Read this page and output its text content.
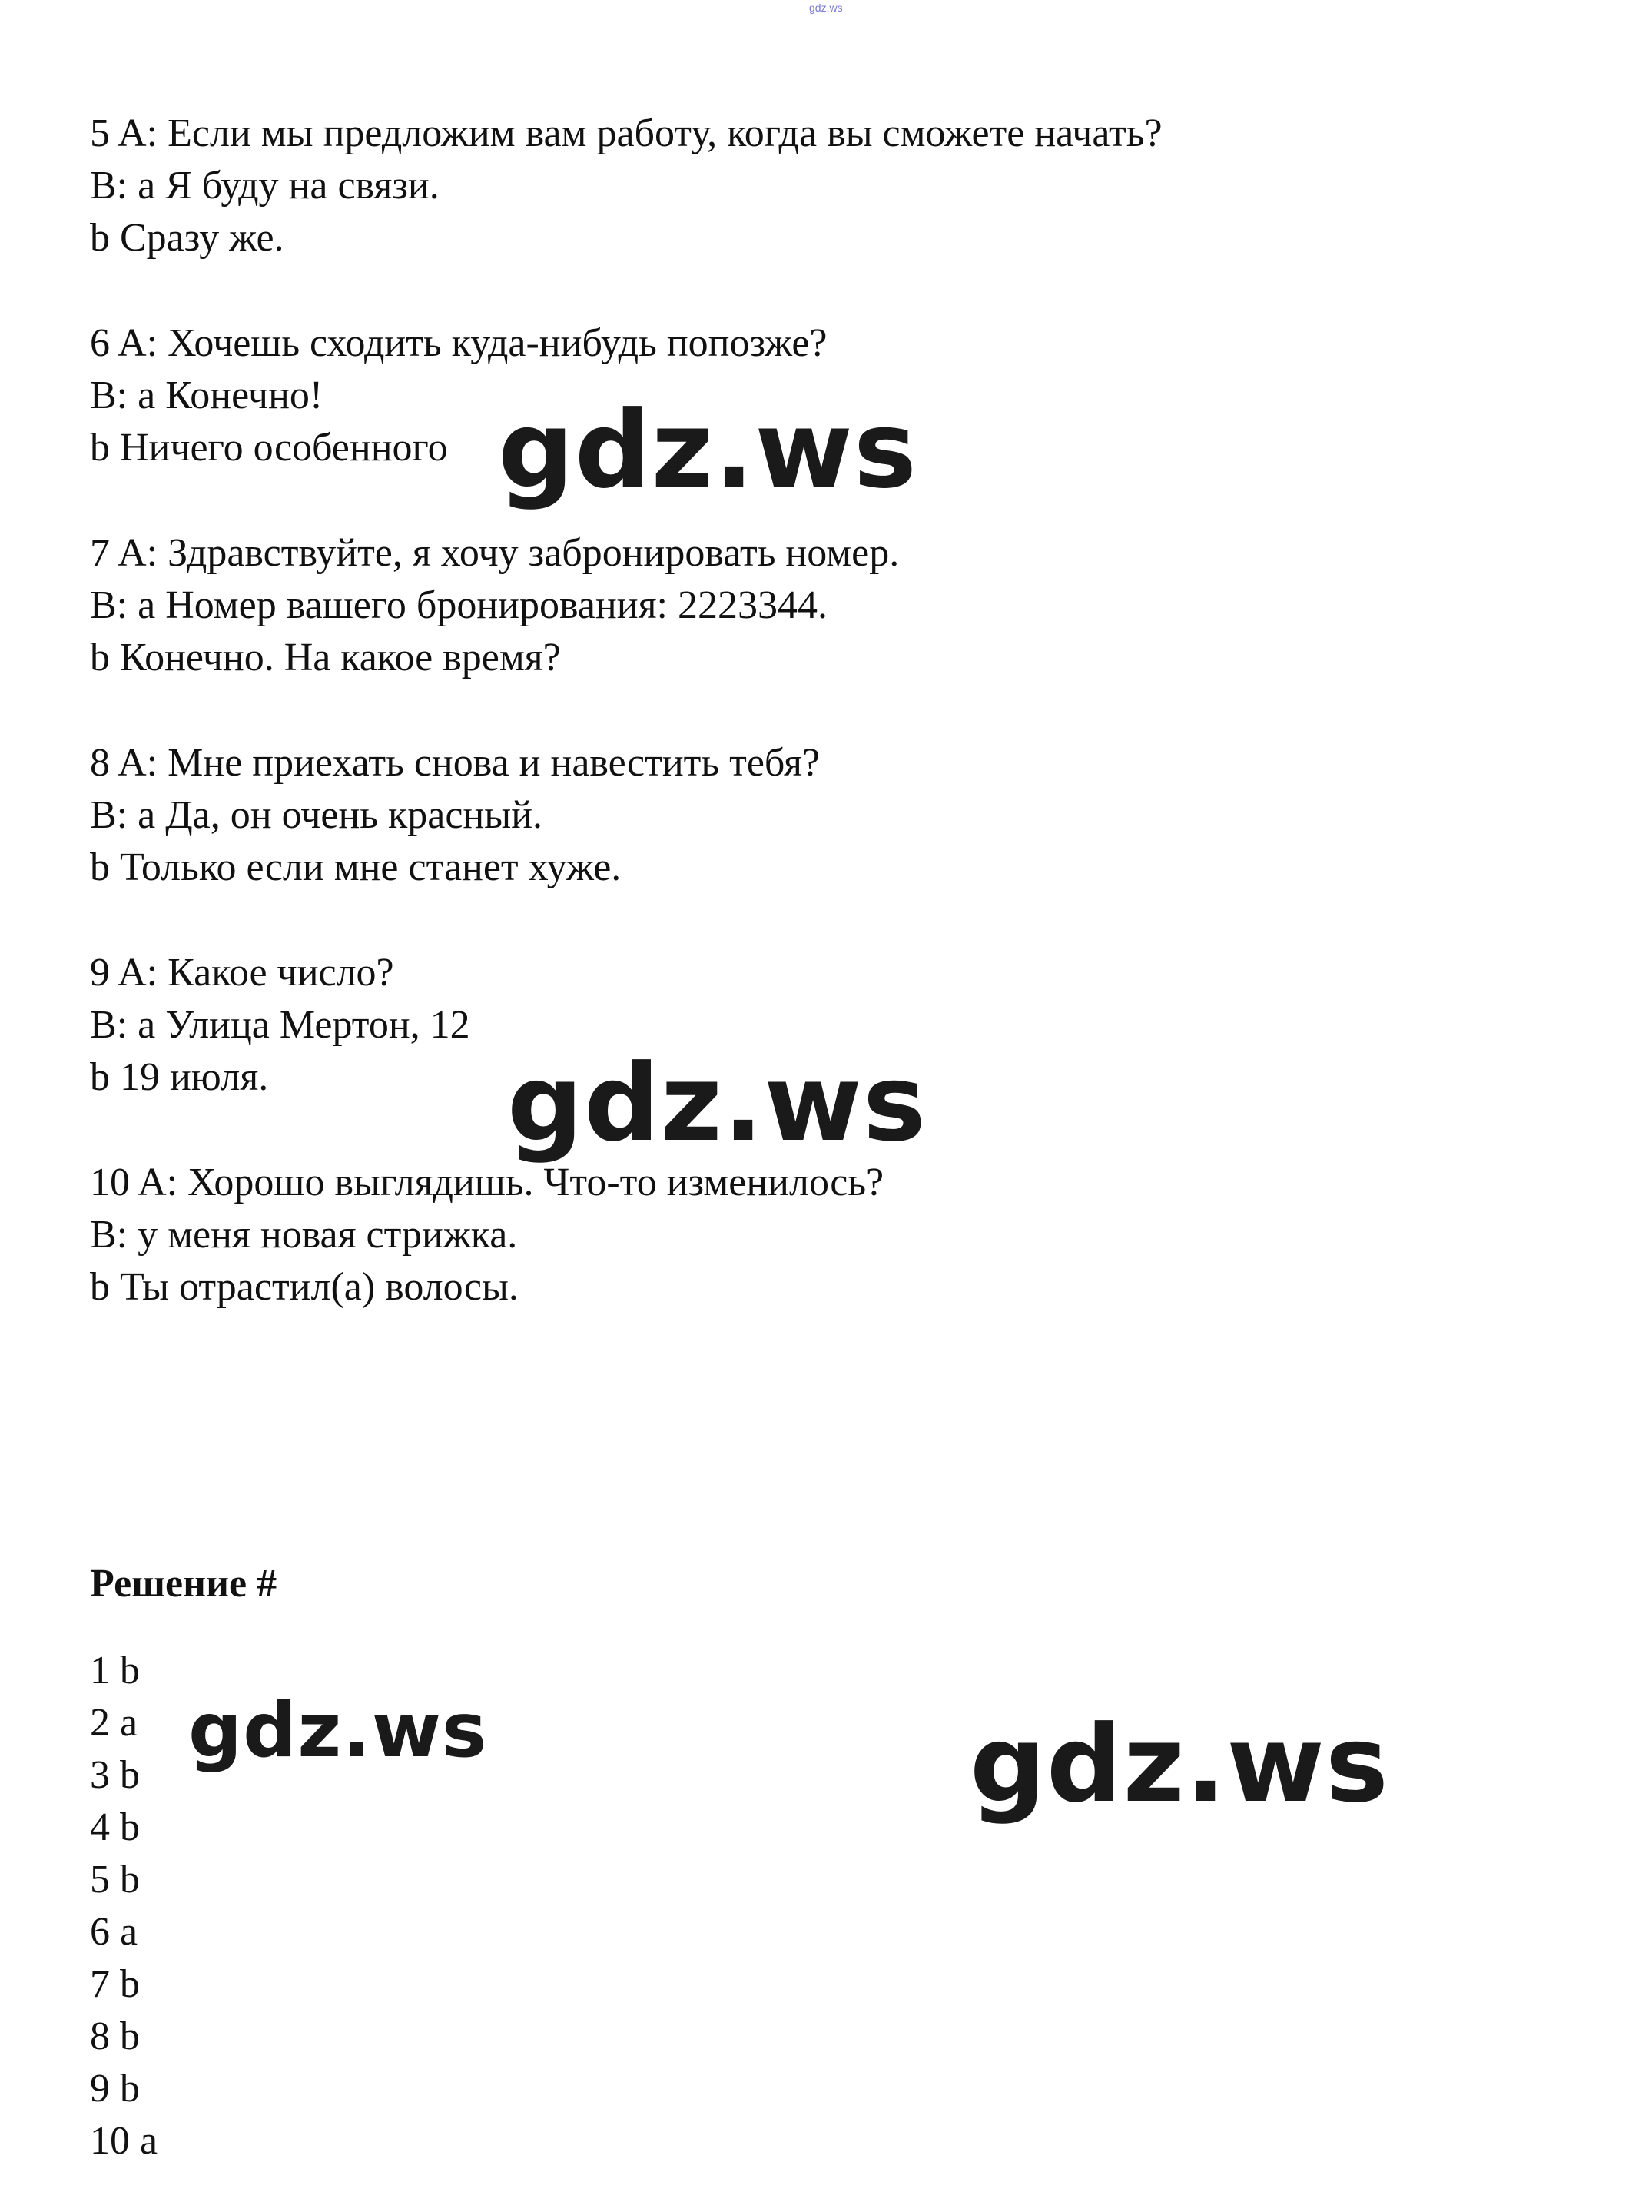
gdz.ws
5 A: Если мы предложим вам работу, когда вы сможете начать?
B: a Я буду на связи.
b Сразу же.
6 A: Хочешь сходить куда-нибудь попозже?
B: a Конечно!
b Ничего особенного
7 A: Здравствуйте, я хочу забронировать номер.
B: a Номер вашего бронирования: 2223344.
b Конечно. На какое время?
8 A: Мне приехать снова и навестить тебя?
B: a Да, он очень красный.
b Только если мне станет хуже.
9 A: Какое число?
B: a Улица Мертон, 12
b 19 июля.
10 A: Хорошо выглядишь. Что-то изменилось?
B: у меня новая стрижка.
b Ты отрастил(а) волосы.
Решение #
1 b
2 a
3 b
4 b
5 b
6 a
7 b
8 b
9 b
10 a
gdz.ws
gdz.ws
gdz.ws	gdz.ws
